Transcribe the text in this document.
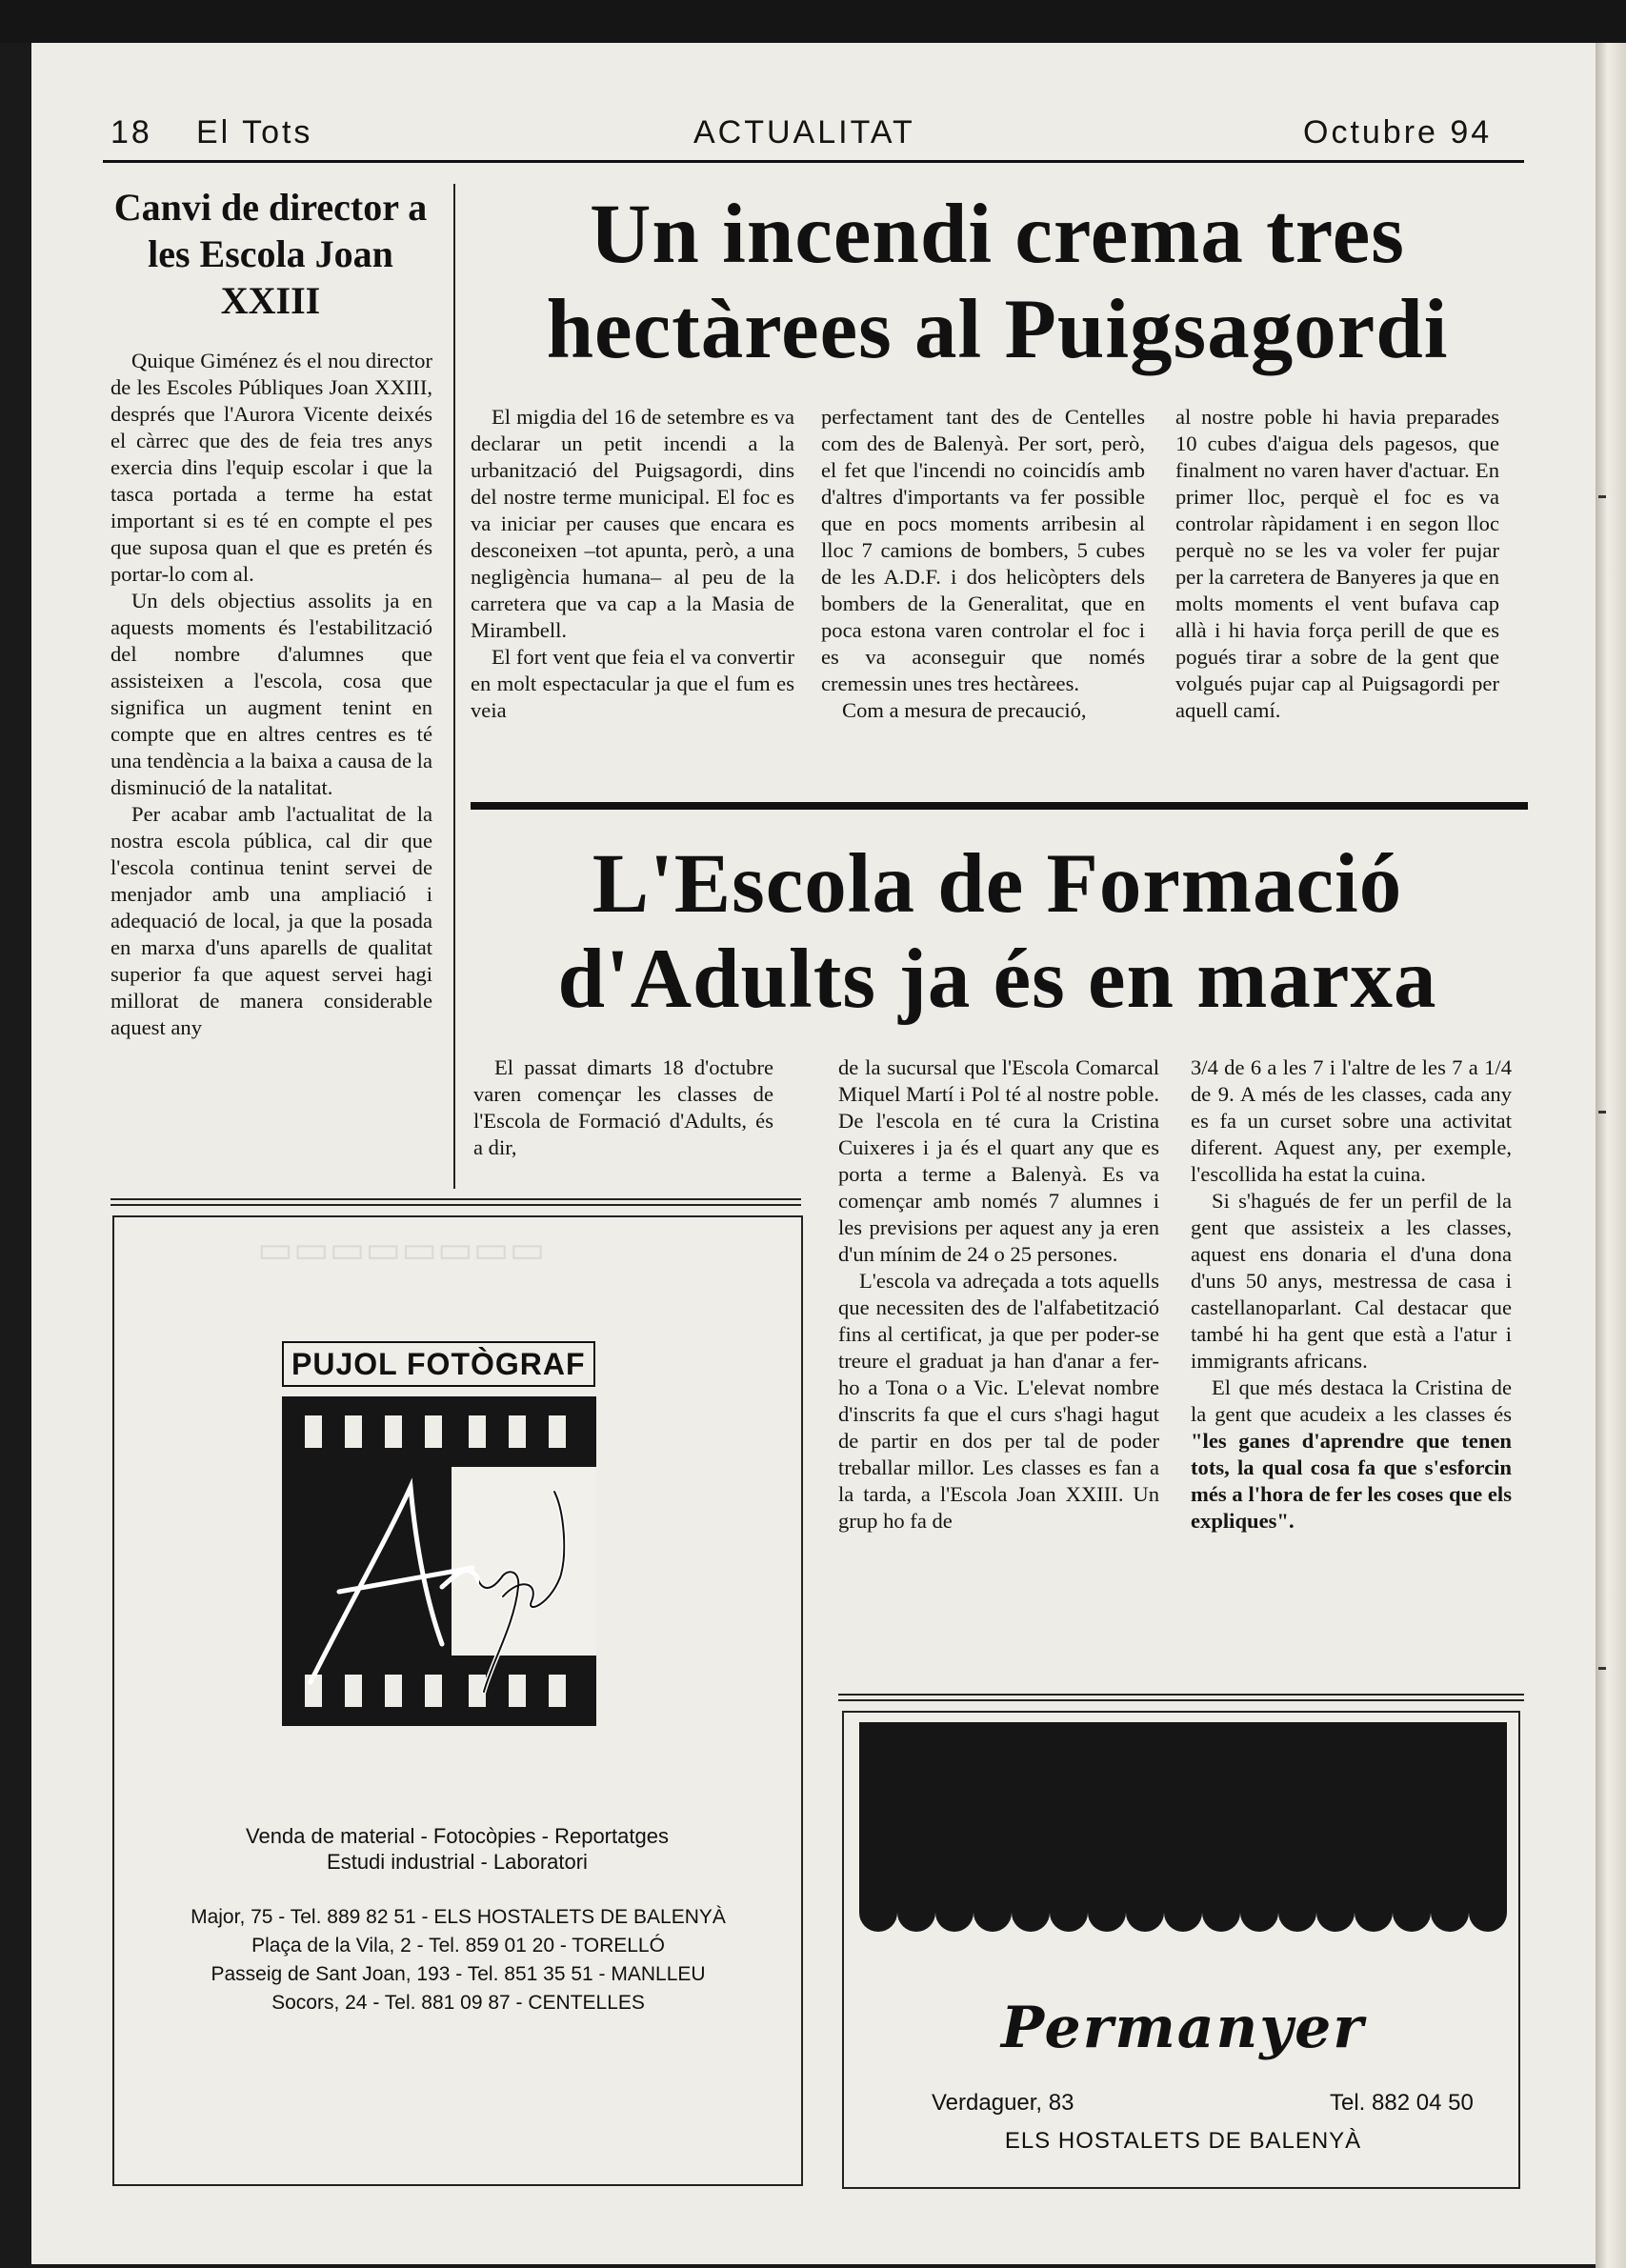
18 El Tots	ACTUALITAT	Octubre 94
Canvi de director a les Escola Joan XXIII

Quique Giménez és el nou director de les Escoles Públiques Joan XXIII, després que l'Aurora Vicente deixés el càrrec que des de feia tres anys exercia dins l'equip escolar i que la tasca portada a terme ha estat important si es té en compte el pes que suposa quan el que es pretén és portar-lo com al.

Un dels objectius assolits ja en aquests moments és l'estabilització del nombre d'alumnes que assisteixen a l'escola, cosa que significa un augment tenint en compte que en altres centres es té una tendència a la baixa a causa de la disminució de la natalitat.

Per acabar amb l'actualitat de la nostra escola pública, cal dir que l'escola continua tenint servei de menjador amb una ampliació i adequació de local, ja que la posada en marxa d'uns aparells de qualitat superior fa que aquest servei hagi millorat de manera considerable aquest any

Un incendi crema tres hectàrees al Puigsagordi

El migdia del 16 de setembre es va declarar un petit incendi a la urbanització del Puigsagordi, dins del nostre terme municipal. El foc es va iniciar per causes que encara es desconeixen –tot apunta, però, a una negligència humana– al peu de la carretera que va cap a la Masia de Mirambell.

El fort vent que feia el va convertir en molt espectacular ja que el fum es veia

perfectament tant des de Centelles com des de Balenyà. Per sort, però, el fet que l'incendi no coincidís amb d'altres d'importants va fer possible que en pocs moments arribesin al lloc 7 camions de bombers, 5 cubes de les A.D.F. i dos helicòpters dels bombers de la Generalitat, que en poca estona varen controlar el foc i es va aconseguir que només cremessin unes tres hectàrees.

Com a mesura de precaució,

al nostre poble hi havia preparades 10 cubes d'aigua dels pagesos, que finalment no varen haver d'actuar. En primer lloc, perquè el foc es va controlar ràpidament i en segon lloc perquè no se les va voler fer pujar per la carretera de Banyeres ja que en molts moments el vent bufava cap allà i hi havia força perill de que es pogués tirar a sobre de la gent que volgués pujar cap al Puigsagordi per aquell camí.

L'Escola de Formació d'Adults ja és en marxa

El passat dimarts 18 d'octubre varen començar les classes de l'Escola de Formació d'Adults, és a dir,

de la sucursal que l'Escola Comarcal Miquel Martí i Pol té al nostre poble. De l'escola en té cura la Cristina Cuixeres i ja és el quart any que es porta a terme a Balenyà. Es va començar amb només 7 alumnes i les previsions per aquest any ja eren d'un mínim de 24 o 25 persones.

L'escola va adreçada a tots aquells que necessiten des de l'alfabetització fins al certificat, ja que per poder-se treure el graduat ja han d'anar a fer-ho a Tona o a Vic. L'elevat nombre d'inscrits fa que el curs s'hagi hagut de partir en dos per tal de poder treballar millor. Les classes es fan a la tarda, a l'Escola Joan XXIII. Un grup ho fa de

3/4 de 6 a les 7 i l'altre de les 7 a 1/4 de 9. A més de les classes, cada any es fa un curset sobre una activitat diferent. Aquest any, per exemple, l'escollida ha estat la cuina.

Si s'hagués de fer un perfil de la gent que assisteix a les classes, aquest ens donaria el d'una dona d'uns 50 anys, mestressa de casa i castellanoparlant. Cal destacar que també hi ha gent que està a l'atur i immigrants africans.

El que més destaca la Cristina de la gent que acudeix a les classes és "les ganes d'aprendre que tenen tots, la qual cosa fa que s'esforcin més a l'hora de fer les coses que els expliques".

▭▭▭▭▭▭▭▭
PUJOL FOTÒGRAF
Venda de material - Fotocòpies - Reportatges
Estudi industrial - Laboratori
Major, 75 - Tel. 889 82 51 - ELS HOSTALETS DE BALENYÀ
Plaça de la Vila, 2 - Tel. 859 01 20 - TORELLÓ
Passeig de Sant Joan, 193 - Tel. 851 35 51 - MANLLEU
Socors, 24 - Tel. 881 09 87 - CENTELLES	Permanyer
Verdaguer, 83	Tel. 882 04 50
ELS HOSTALETS DE BALENYÀ
